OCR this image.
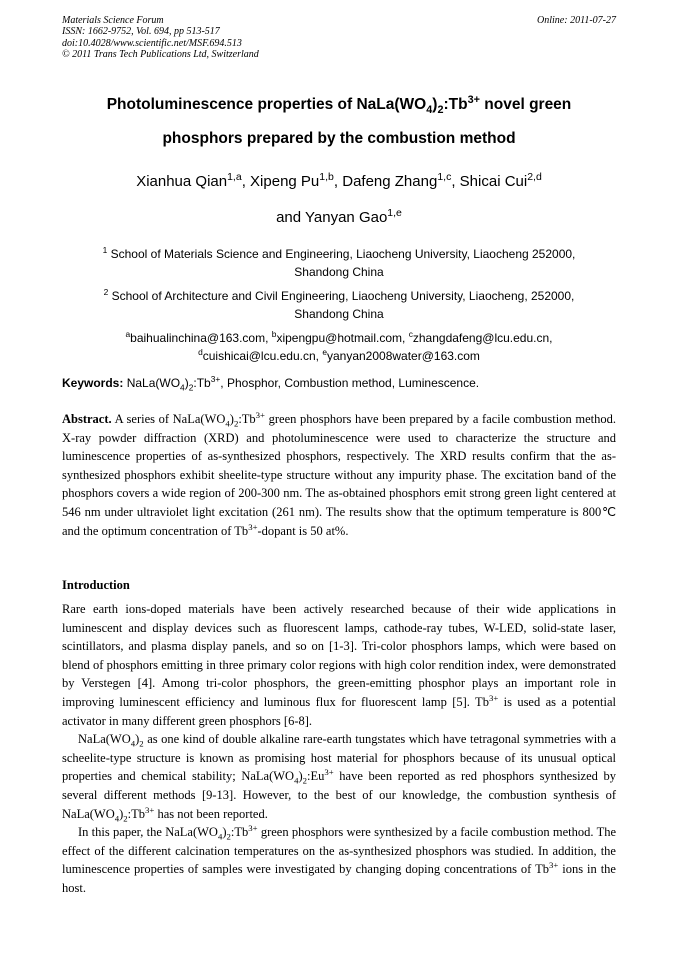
Materials Science Forum
ISSN: 1662-9752, Vol. 694, pp 513-517
doi:10.4028/www.scientific.net/MSF.694.513
© 2011 Trans Tech Publications Ltd, Switzerland
Online: 2011-07-27
Photoluminescence properties of $NaLa(WO_4)_2:Tb^{3+}$ novel green
phosphors prepared by the combustion method
Xianhua Qian$^{1,a}$, Xipeng Pu$^{1,b}$, Dafeng Zhang$^{1,c}$, Shicai Cui$^{2,d}$
and Yanyan Gao$^{1,e}$

$^1$ School of Materials Science and Engineering, Liaocheng University, Liaocheng 252000, Shandong China

$^2$ School of Architecture and Civil Engineering, Liaocheng University, Liaocheng, 252000, Shandong China

$^a$baihualinchina@163.com, $^b$xipengpu@hotmail.com, $^c$zhangdafeng@lcu.edu.cn,
$^d$cuishicai@lcu.edu.cn, $^e$yanyan2008water@163.com

Keywords: $NaLa(WO_4)_2:Tb^{3+}$, Phosphor, Combustion method, Luminescence.
Abstract. A series of $NaLa(WO_4)_2:Tb^{3+}$ green phosphors have been prepared by a facile combustion method. X-ray powder diffraction (XRD) and photoluminescence were used to characterize the structure and luminescence properties of as-synthesized phosphors, respectively. The XRD results confirm that the as-synthesized phosphors exhibit sheelite-type structure without any impurity phase. The excitation band of the phosphors covers a wide region of 200-300 nm. The as-obtained phosphors emit strong green light centered at 546 nm under ultraviolet light excitation (261 nm). The results show that the optimum temperature is 800℃ and the optimum concentration of $Tb^{3+}$-dopant is 50 at%.
Introduction

Rare earth ions-doped materials have been actively researched because of their wide applications in luminescent and display devices such as fluorescent lamps, cathode-ray tubes, W-LED, solid-state laser, scintillators, and plasma display panels, and so on [1-3]. Tri-color phosphors lamps, which were based on blend of phosphors emitting in three primary color regions with high color rendition index, were demonstrated by Verstegen [4]. Among tri-color phosphors, the green-emitting phosphor plays an important role in improving luminescent efficiency and luminous flux for fluorescent lamp [5]. $Tb^{3+}$ is used as a potential activator in many different green phosphors [6-8].

$NaLa(WO_4)_2$ as one kind of double alkaline rare-earth tungstates which have tetragonal symmetries with a scheelite-type structure is known as promising host material for phosphors because of its unusual optical properties and chemical stability; $NaLa(WO_4)_2:Eu^{3+}$ have been reported as red phosphors synthesized by several different methods [9-13]. However, to the best of our knowledge, the combustion synthesis of $NaLa(WO_4)_2:Tb^{3+}$ has not been reported.

In this paper, the $NaLa(WO_4)_2:Tb^{3+}$ green phosphors were synthesized by a facile combustion method. The effect of the different calcination temperatures on the as-synthesized phosphors was studied. In addition, the luminescence properties of samples were investigated by changing doping concentrations of $Tb^{3+}$ ions in the host.
